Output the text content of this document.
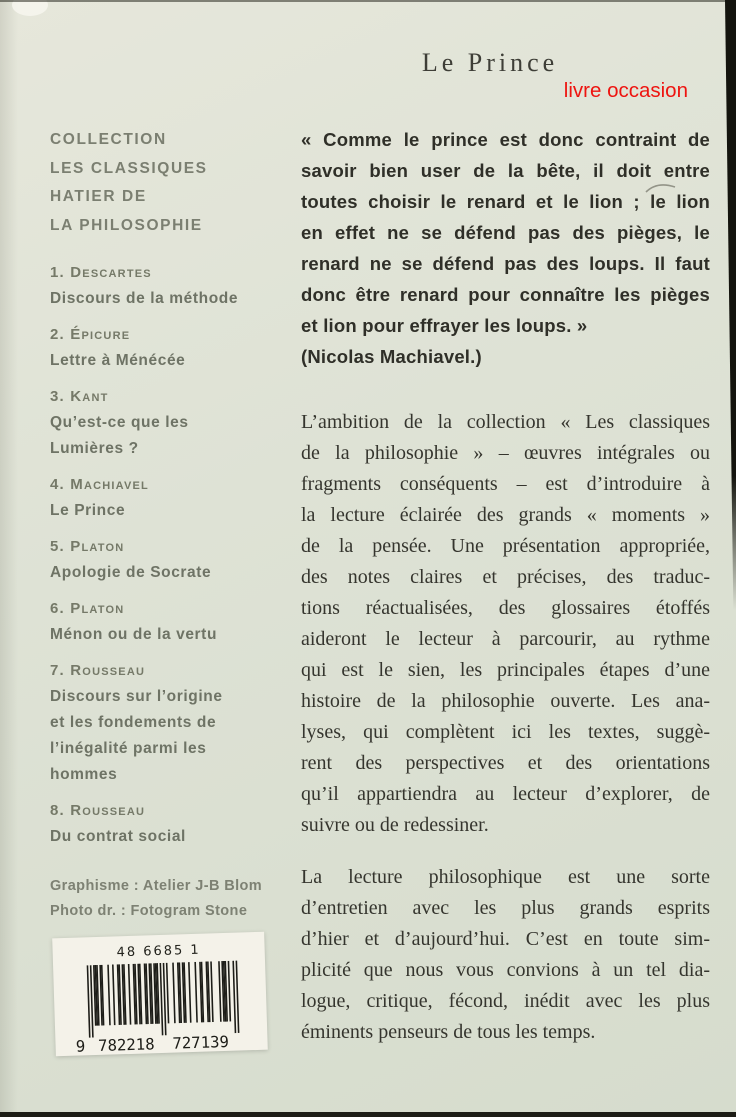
Le Prince
livre occasion
COLLECTION
LES CLASSIQUES
HATIER DE
LA PHILOSOPHIE
1. Descartes
Discours de la méthode
2. Épicure
Lettre à Ménécée
3. Kant
Qu’est-ce que les
Lumières ?
4. Machiavel
Le Prince
5. Platon
Apologie de Socrate
6. Platon
Ménon ou de la vertu
7. Rousseau
Discours sur l’origine
et les fondements de
l’inégalité parmi les
hommes
8. Rousseau
Du contrat social
Graphisme : Atelier J-B Blom
Photo dr. : Fotogram Stone
« Comme le prince est donc contraint de
savoir bien user de la bête, il doit entre
toutes choisir le renard et le lion ; le lion
en effet ne se défend pas des pièges, le
renard ne se défend pas des loups. Il faut
donc être renard pour connaître les pièges
et lion pour effrayer les loups. »
(Nicolas Machiavel.)
L’ambition de la collection « Les classiques
de la philosophie » – œuvres intégrales ou
fragments conséquents – est d’introduire à
la lecture éclairée des grands « moments »
de la pensée. Une présentation appropriée,
des notes claires et précises, des traduc-
tions réactualisées, des glossaires étoffés
aideront le lecteur à parcourir, au rythme
qui est le sien, les principales étapes d’une
histoire de la philosophie ouverte. Les ana-
lyses, qui complètent ici les textes, suggè-
rent des perspectives et des orientations
qu’il appartiendra au lecteur d’explorer, de
suivre ou de redessiner.
La lecture philosophique est une sorte
d’entretien avec les plus grands esprits
d’hier et d’aujourd’hui. C’est en toute sim-
plicité que nous vous convions à un tel dia-
logue, critique, fécond, inédit avec les plus
éminents penseurs de tous les temps.
48 6685 1
9 782218 727139
